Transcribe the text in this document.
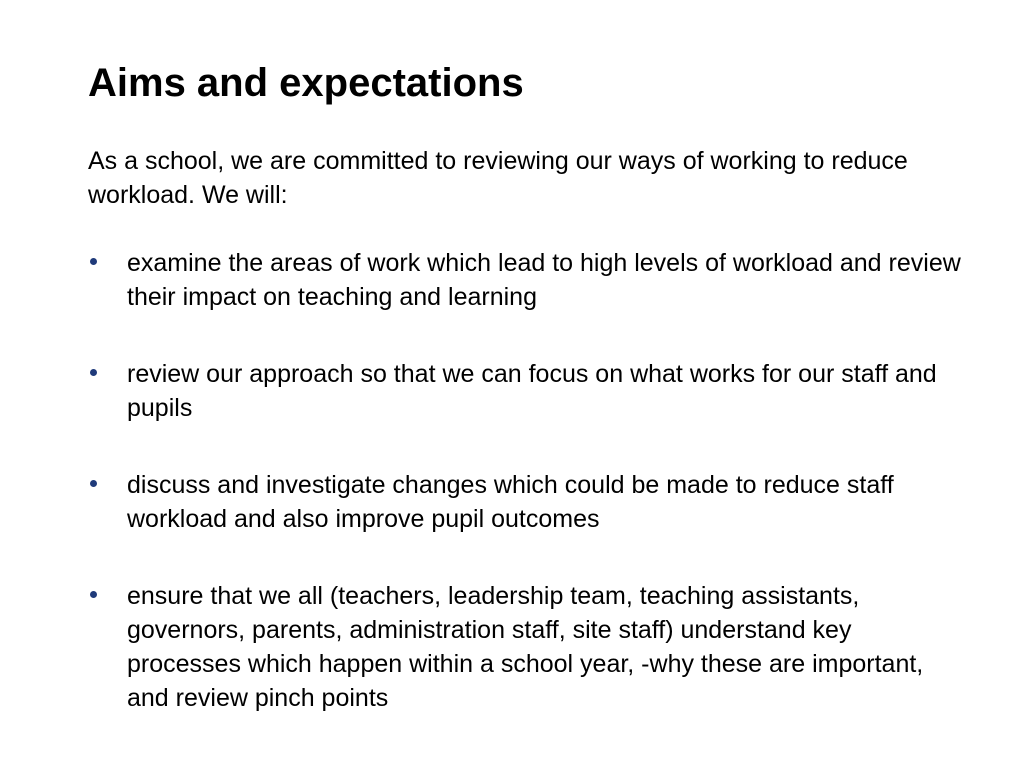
Aims and expectations

As a school, we are committed to reviewing our ways of working to reduce workload. We will:

examine the areas of work which lead to high levels of workload and review their impact on teaching and learning
review our approach so that we can focus on what works for our staff and pupils
discuss and investigate changes which could be made to reduce staff workload and also improve pupil outcomes
ensure that we all (teachers, leadership team, teaching assistants, governors, parents, administration staff, site staff) understand key processes which happen within a school year, -why these are important, and review pinch points
